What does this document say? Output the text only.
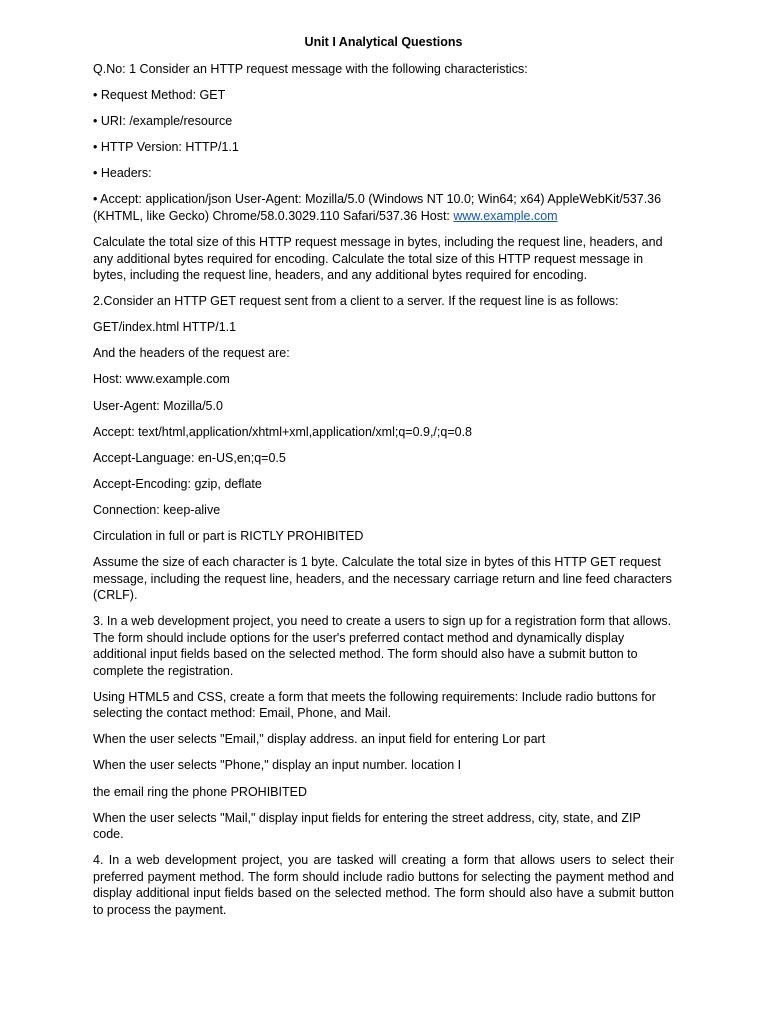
Unit I Analytical Questions

Q.No: 1 Consider an HTTP request message with the following characteristics:

• Request Method: GET

• URI: /example/resource

• HTTP Version: HTTP/1.1

• Headers:

• Accept: application/json User-Agent: Mozilla/5.0 (Windows NT 10.0; Win64; x64) AppleWebKit/537.36 (KHTML, like Gecko) Chrome/58.0.3029.110 Safari/537.36 Host: www.example.com

Calculate the total size of this HTTP request message in bytes, including the request line, headers, and any additional bytes required for encoding. Calculate the total size of this HTTP request message in bytes, including the request line, headers, and any additional bytes required for encoding.

2.Consider an HTTP GET request sent from a client to a server. If the request line is as follows:

GET/index.html HTTP/1.1

And the headers of the request are:

Host: www.example.com

User-Agent: Mozilla/5.0

Accept: text/html,application/xhtml+xml,application/xml;q=0.9,/;q=0.8

Accept-Language: en-US,en;q=0.5

Accept-Encoding: gzip, deflate

Connection: keep-alive

Circulation in full or part is RICTLY PROHIBITED

Assume the size of each character is 1 byte. Calculate the total size in bytes of this HTTP GET request message, including the request line, headers, and the necessary carriage return and line feed characters (CRLF).

3. In a web development project, you need to create a users to sign up for a registration form that allows. The form should include options for the user's preferred contact method and dynamically display additional input fields based on the selected method. The form should also have a submit button to complete the registration.

Using HTML5 and CSS, create a form that meets the following requirements: Include radio buttons for selecting the contact method: Email, Phone, and Mail.

When the user selects "Email," display address. an input field for entering Lor part

When the user selects "Phone," display an input number. location I

the email ring the phone PROHIBITED

When the user selects "Mail," display input fields for entering the street address, city, state, and ZIP code.

4. In a web development project, you are tasked will creating a form that allows users to select their preferred payment method. The form should include radio buttons for selecting the payment method and display additional input fields based on the selected method. The form should also have a submit button to process the payment.
